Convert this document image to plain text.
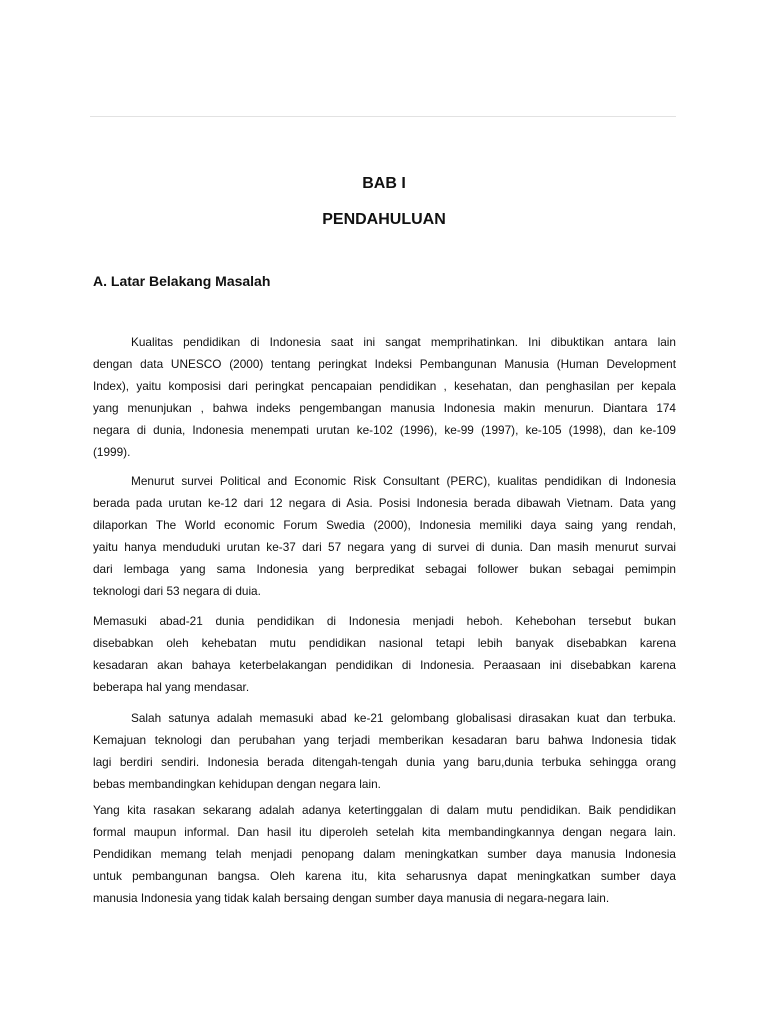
BAB I
PENDAHULUAN
A. Latar Belakang Masalah
Kualitas pendidikan di Indonesia saat ini sangat memprihatinkan. Ini dibuktikan antara lain
dengan data UNESCO (2000) tentang peringkat Indeksi Pembangunan Manusia (Human Development
Index), yaitu komposisi dari peringkat pencapaian pendidikan , kesehatan, dan penghasilan per kepala
yang menunjukan , bahwa indeks pengembangan manusia Indonesia makin menurun. Diantara 174
negara di dunia, Indonesia menempati urutan ke-102 (1996), ke-99 (1997), ke-105 (1998), dan ke-109
(1999).
Menurut survei Political and Economic Risk Consultant (PERC), kualitas pendidikan di Indonesia
berada pada urutan ke-12 dari 12 negara di Asia. Posisi Indonesia berada dibawah Vietnam. Data yang
dilaporkan The World economic Forum Swedia (2000), Indonesia memiliki daya saing yang rendah,
yaitu hanya menduduki urutan ke-37 dari 57 negara yang di survei di dunia. Dan masih menurut survai
dari lembaga yang sama Indonesia yang berpredikat sebagai follower bukan sebagai pemimpin
teknologi dari 53 negara di duia.
Memasuki abad-21 dunia pendidikan di Indonesia menjadi heboh. Kehebohan tersebut bukan
disebabkan oleh kehebatan mutu pendidikan nasional tetapi lebih banyak disebabkan karena
kesadaran akan bahaya keterbelakangan pendidikan di Indonesia. Peraasaan ini disebabkan karena
beberapa hal yang mendasar.
Salah satunya adalah memasuki abad ke-21 gelombang globalisasi dirasakan kuat dan terbuka.
Kemajuan teknologi dan perubahan yang terjadi memberikan kesadaran baru bahwa Indonesia tidak
lagi berdiri sendiri. Indonesia berada ditengah-tengah dunia yang baru,dunia terbuka sehingga orang
bebas membandingkan kehidupan dengan negara lain.
Yang kita rasakan sekarang adalah adanya ketertinggalan di dalam mutu pendidikan. Baik pendidikan
formal maupun informal. Dan hasil itu diperoleh setelah kita membandingkannya dengan negara lain.
Pendidikan memang telah menjadi penopang dalam meningkatkan sumber daya manusia Indonesia
untuk pembangunan bangsa. Oleh karena itu, kita seharusnya dapat meningkatkan sumber daya
manusia Indonesia yang tidak kalah bersaing dengan sumber daya manusia di negara-negara lain.
